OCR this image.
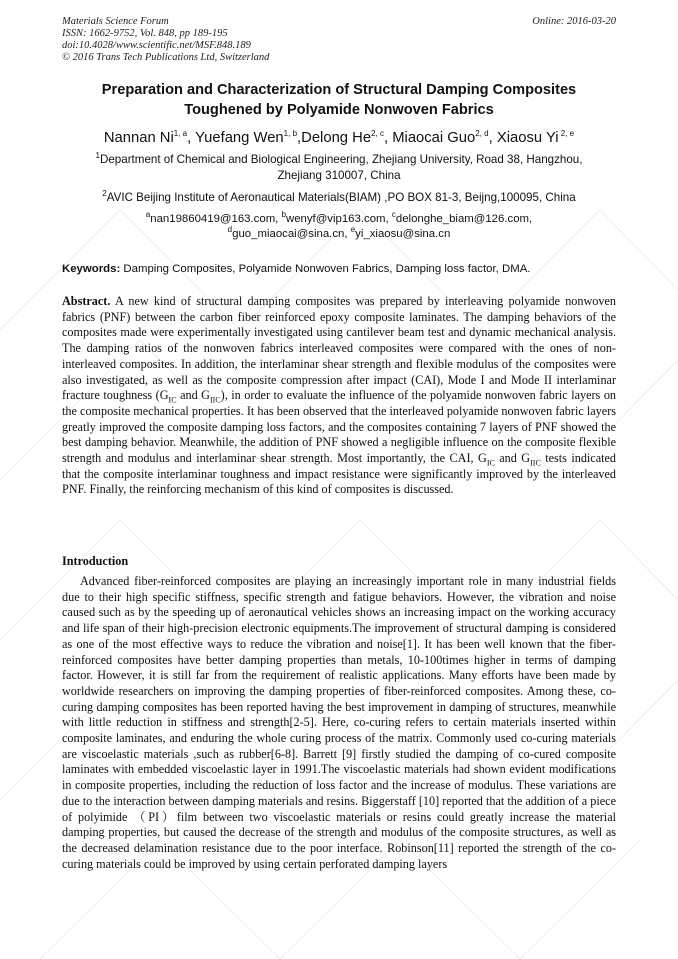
Materials Science Forum
ISSN: 1662-9752, Vol. 848, pp 189-195
doi:10.4028/www.scientific.net/MSF.848.189
© 2016 Trans Tech Publications Ltd, Switzerland
Online: 2016-03-20
Preparation and Characterization of Structural Damping Composites
Toughened by Polyamide Nonwoven Fabrics
Nannan Ni$^{1, a}$, Yuefang Wen$^{1, b}$,Delong He$^{2, c}$, Miaocai Guo$^{2, d}$, Xiaosu Yi $^{2, e}$
$^1$Department of Chemical and Biological Engineering, Zhejiang University, Road 38, Hangzhou,
Zhejiang 310007, China
$^2$AVIC Beijing Institute of Aeronautical Materials(BIAM) ,PO BOX 81-3, Beijng,100095, China
$^a$nan19860419@163.com, $^b$wenyf@vip163.com, $^c$delonghe_biam@126.com,
$^d$guo_miaocai@sina.cn, $^e$yi_xiaosu@sina.cn
Keywords: Damping Composites, Polyamide Nonwoven Fabrics, Damping loss factor, DMA.

Abstract. A new kind of structural damping composites was prepared by interleaving polyamide nonwoven fabrics (PNF) between the carbon fiber reinforced epoxy composite laminates. The damping behaviors of the composites made were experimentally investigated using cantilever beam test and dynamic mechanical analysis. The damping ratios of the nonwoven fabrics interleaved composites were compared with the ones of non-interleaved composites. In addition, the interlaminar shear strength and flexible modulus of the composites were also investigated, as well as the composite compression after impact (CAI), Mode I and Mode II interlaminar fracture toughness ($G_{IC}$ and $G_{IIC}$), in order to evaluate the influence of the polyamide nonwoven fabric layers on the composite mechanical properties. It has been observed that the interleaved polyamide nonwoven fabric layers greatly improved the composite damping loss factors, and the composites containing 7 layers of PNF showed the best damping behavior. Meanwhile, the addition of PNF showed a negligible influence on the composite flexible strength and modulus and interlaminar shear strength. Most importantly, the CAI, $G_{IC}$ and $G_{IIC}$ tests indicated that the composite interlaminar toughness and impact resistance were significantly improved by the interleaved PNF. Finally, the reinforcing mechanism of this kind of composites is discussed.

Introduction

Advanced fiber-reinforced composites are playing an increasingly important role in many industrial fields due to their high specific stiffness, specific strength and fatigue behaviors. However, the vibration and noise caused such as by the speeding up of aeronautical vehicles shows an increasing impact on the working accuracy and life span of their high-precision electronic equipments.The improvement of structural damping is considered as one of the most effective ways to reduce the vibration and noise[1]. It has been well known that the fiber-reinforced composites have better damping properties than metals, 10-100times higher in terms of damping factor. However, it is still far from the requirement of realistic applications. Many efforts have been made by worldwide researchers on improving the damping properties of fiber-reinforced composites. Among these, co-curing damping composites has been reported having the best improvement in damping of structures, meanwhile with little reduction in stiffness and strength[2-5]. Here, co-curing refers to certain materials inserted within composite laminates, and enduring the whole curing process of the matrix. Commonly used co-curing materials are viscoelastic materials ,such as rubber[6-8]. Barrett [9] firstly studied the damping of co-cured composite laminates with embedded viscoelastic layer in 1991.The viscoelastic materials had shown evident modifications in composite properties, including the reduction of loss factor and the increase of modulus. These variations are due to the interaction between damping materials and resins. Biggerstaff [10] reported that the addition of a piece of polyimide （PI）film between two viscoelastic materials or resins could greatly increase the material damping properties, but caused the decrease of the strength and modulus of the composite structures, as well as the decreased delamination resistance due to the poor interface. Robinson[11] reported the strength of the co-curing materials could be improved by using certain perforated damping layers
